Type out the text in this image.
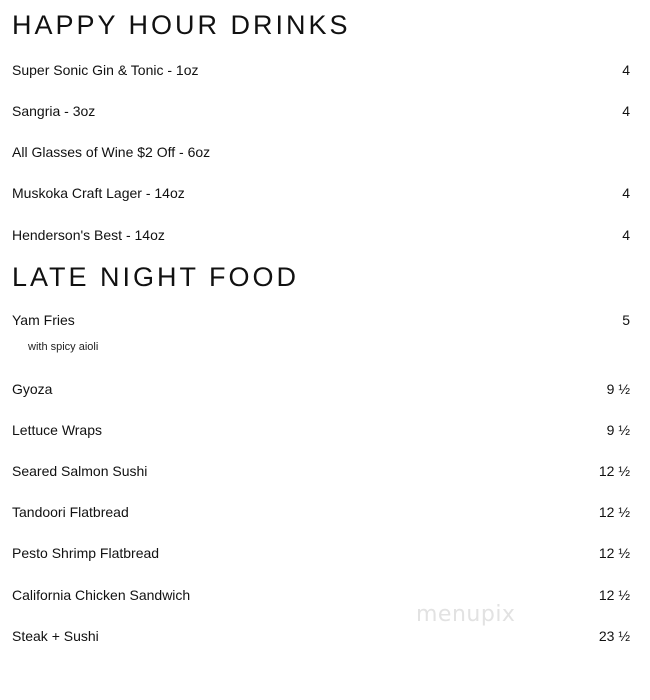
HAPPY HOUR DRINKS
Super Sonic Gin & Tonic - 1oz	4
Sangria - 3oz	4
All Glasses of Wine $2 Off - 6oz
Muskoka Craft Lager - 14oz	4
Henderson's Best - 14oz	4
LATE NIGHT FOOD
Yam Fries	5
with spicy aioli
Gyoza	9 ½
Lettuce Wraps	9 ½
Seared Salmon Sushi	12 ½
Tandoori Flatbread	12 ½
Pesto Shrimp Flatbread	12 ½
California Chicken Sandwich	12 ½
Steak + Sushi	23 ½
menupix
